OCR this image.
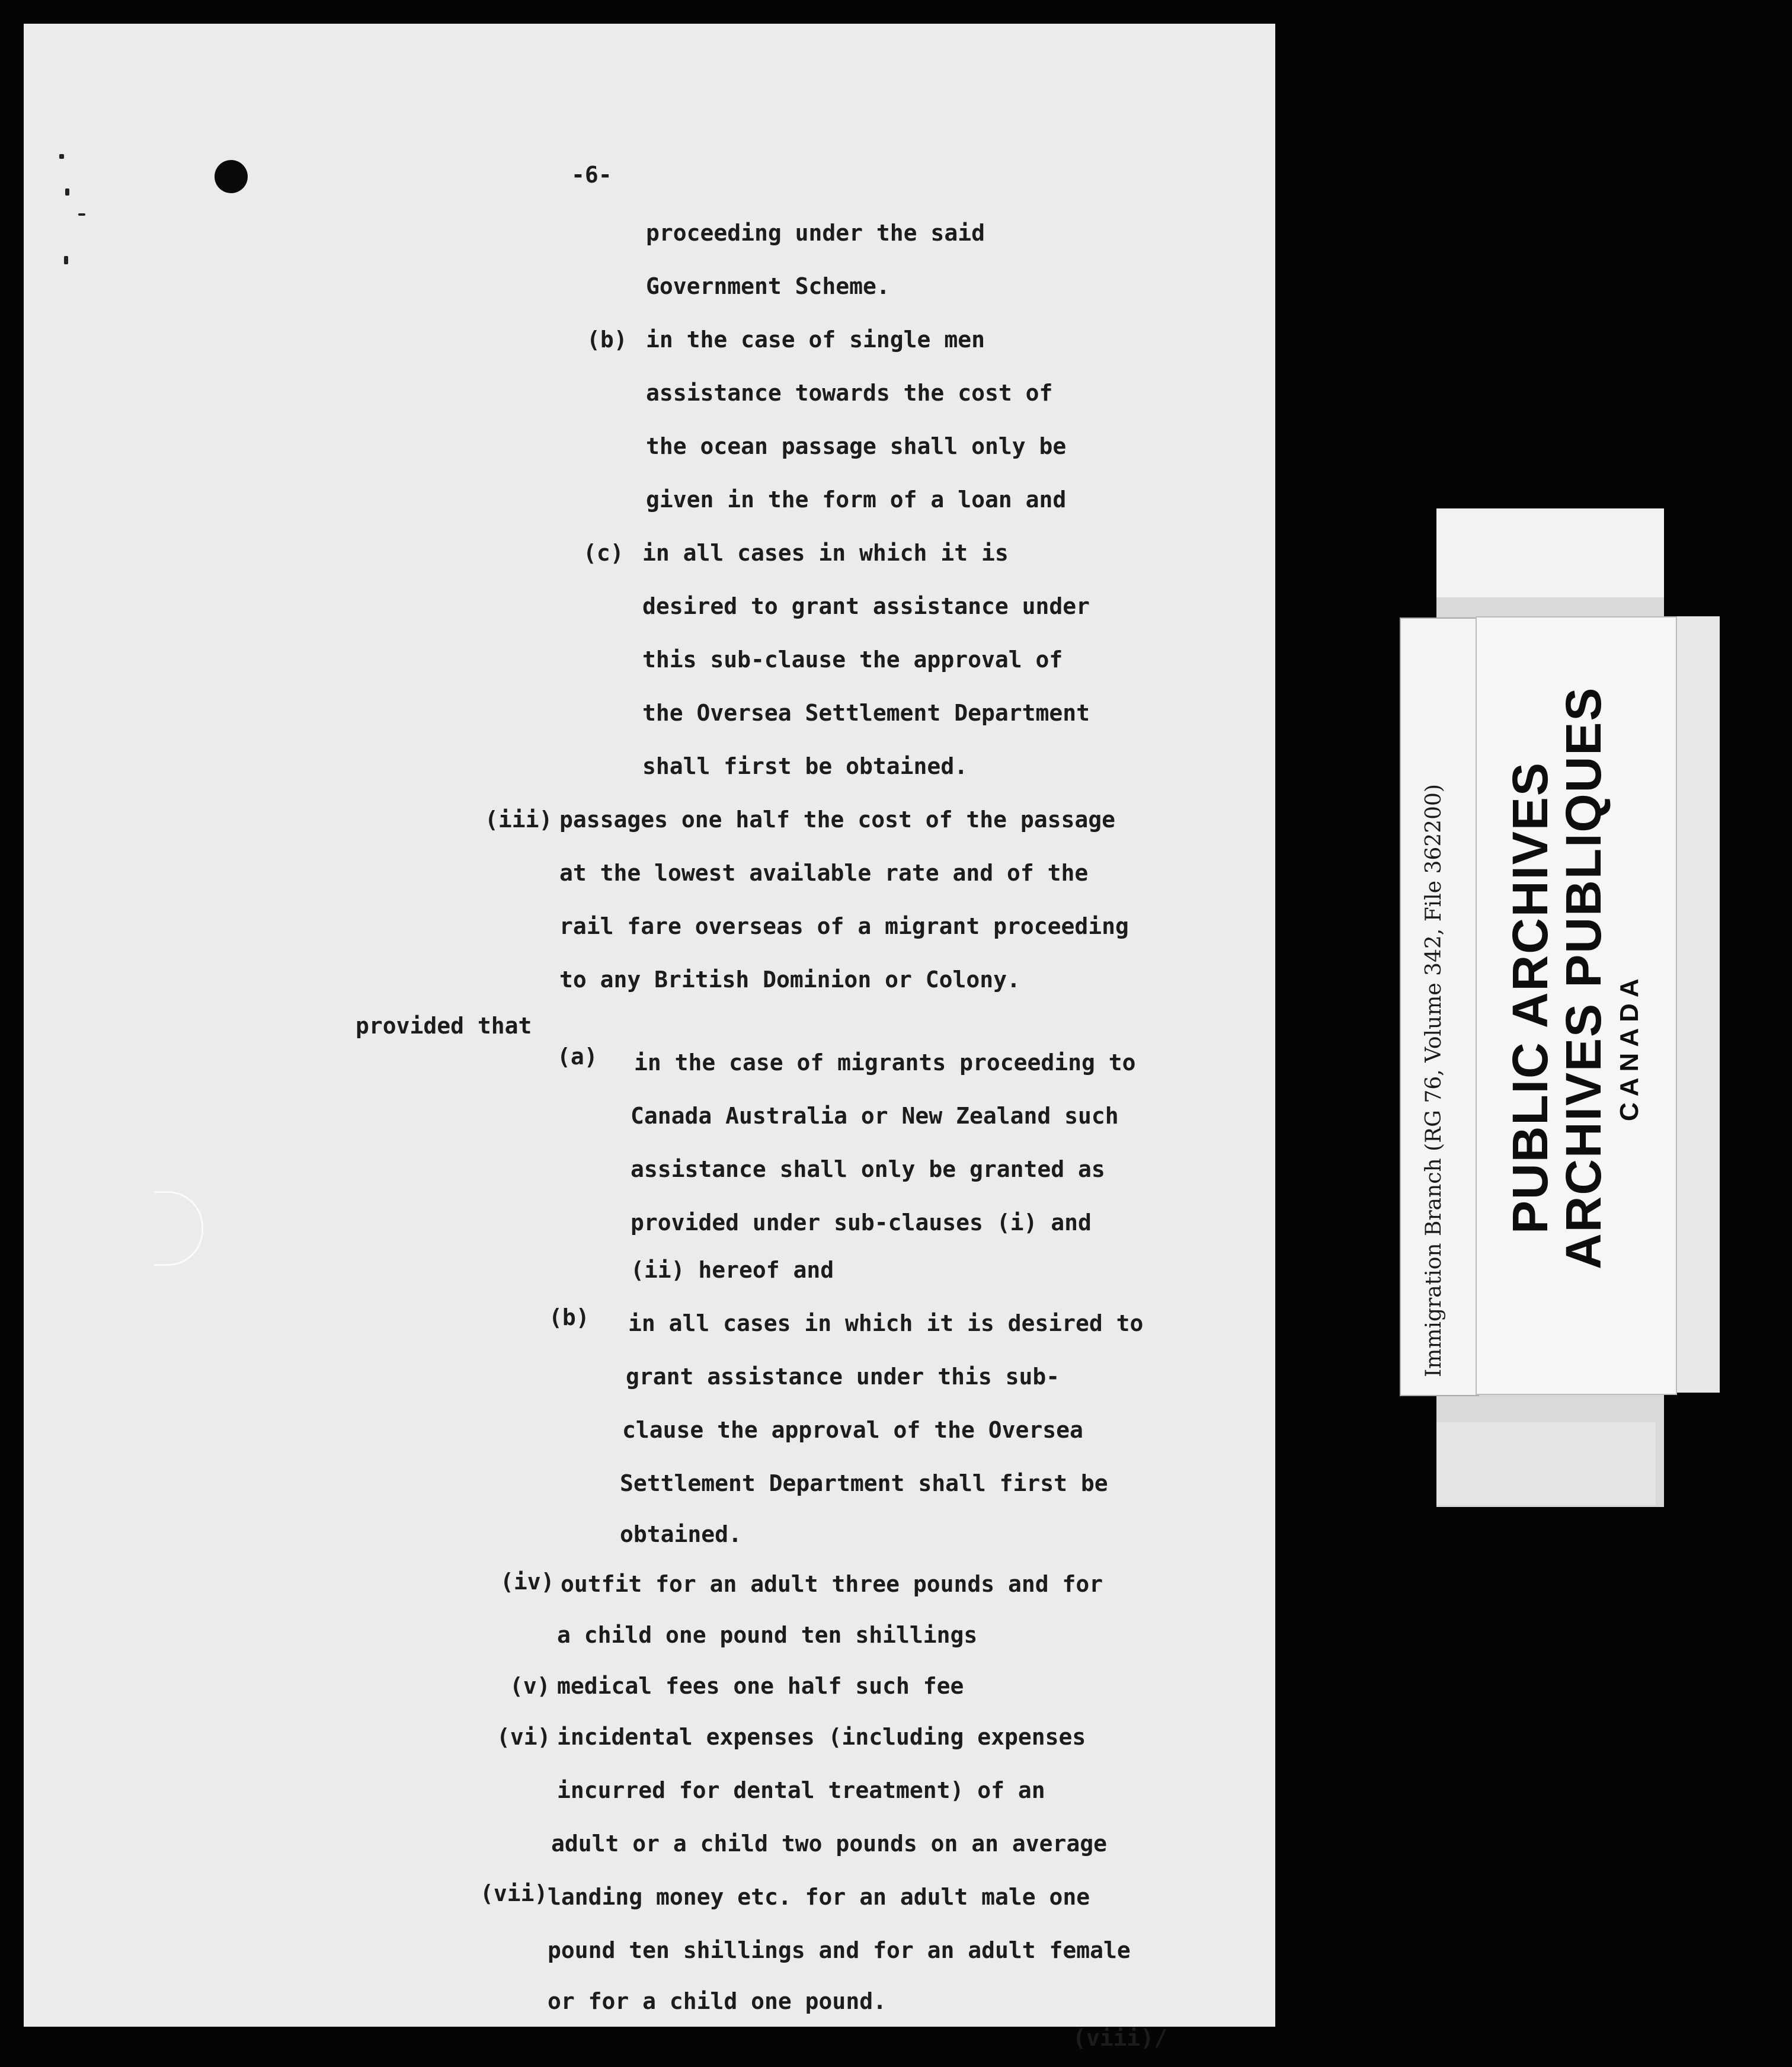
-6-
proceeding under the said
Government Scheme.
(b) in the case of single men
assistance towards the cost of
the ocean passage shall only be
given in the form of a loan and
(c) in all cases in which it is
desired to grant assistance under
this sub-clause the approval of
the Oversea Settlement Department
shall first be obtained.
(iii) passages one half the cost of the passage
at the lowest available rate and of the
rail fare overseas of a migrant proceeding
to any British Dominion or Colony.
provided that
(a) in the case of migrants proceeding to
Canada Australia or New Zealand such
assistance shall only be granted as
provided under sub-clauses (i) and
(ii) hereof and
(b) in all cases in which it is desired to
grant assistance under this sub-
clause the approval of the Oversea
Settlement Department shall first be
obtained.
(iv) outfit for an adult three pounds and for
a child one pound ten shillings
(v) medical fees one half such fee
(vi) incidental expenses (including expenses
incurred for dental treatment) of an
adult or a child two pounds on an average
(vii) landing money etc. for an adult male one
pound ten shillings and for an adult female
or for a child one pound.
(viii)/
Immigration Branch (RG 76, Volume 342, File 362200) PUBLIC ARCHIVES
ARCHIVES PUBLIQUES CANADA
